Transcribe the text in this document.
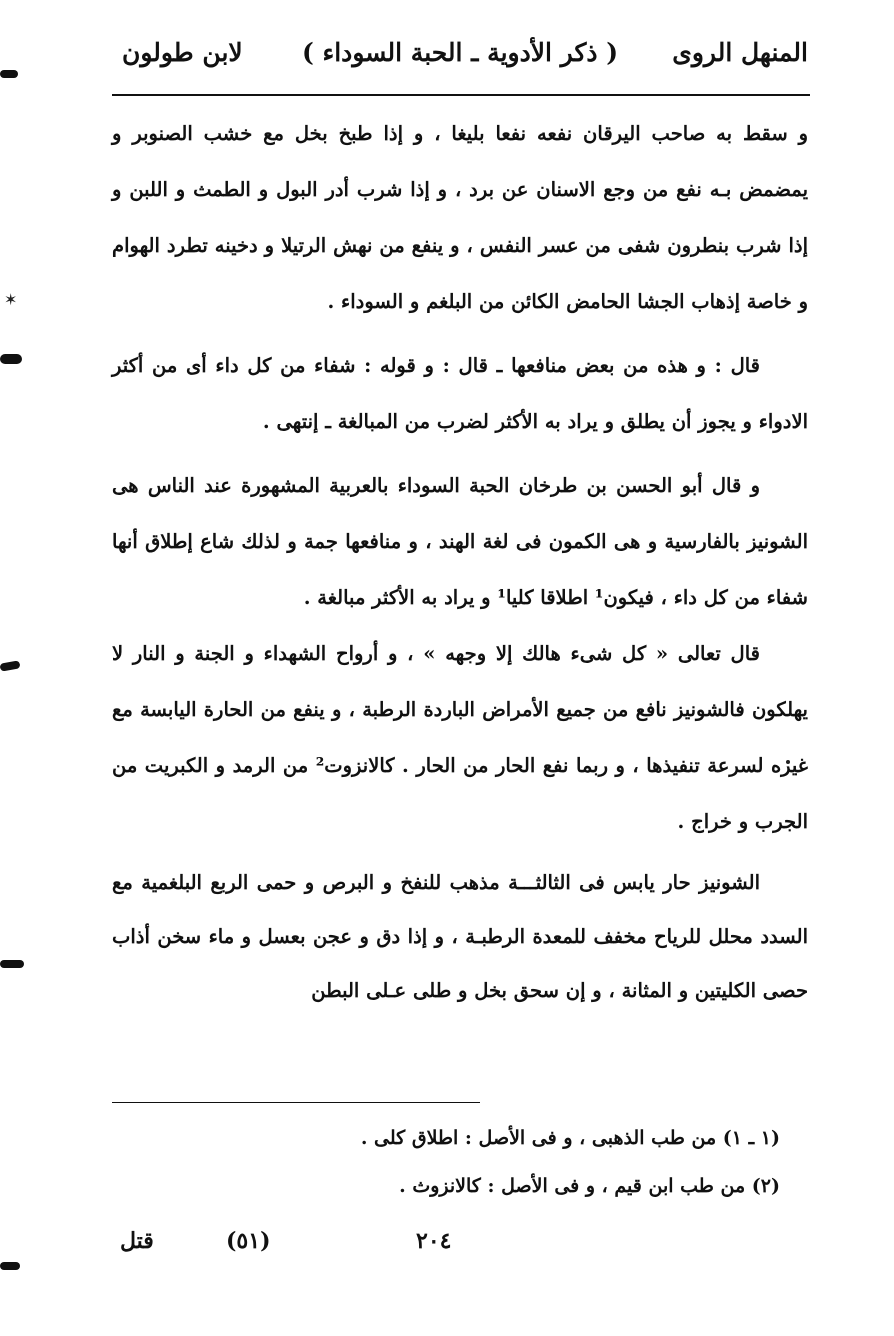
✶
المنهل الروى
( ذكر الأدوية ـ الحبة السوداء )
لابن طولون

و سقط به صاحب اليرقان نفعه نفعا بليغا ، و إذا طبخ بخل مع خشب الصنوبر و يمضمض بـه نفع من وجع الاسنان عن برد ، و إذا شرب أدر البول و الطمث و اللبن و إذا شرب بنطرون شفى من عسر النفس ، و ينفع من نهش الرتيلا و دخينه تطرد الهوام و خاصة إذهاب الجشا الحامض الكائن من البلغم و السوداء .

قال : و هذه من بعض منافعها ـ قال : و قوله : شفاء من كل داء أى من أكثر الادواء و يجوز أن يطلق و يراد به الأكثر لضرب من المبالغة ـ إنتهى .

و قال أبو الحسن بن طرخان الحبة السوداء بالعربية المشهورة عند الناس هى الشونيز بالفارسية و هى الكمون فى لغة الهند ، و منافعها جمة و لذلك شاع إطلاق أنها شفاء من كل داء ، فيكون¹ اطلاقا كليا¹ و يراد به الأكثر مبالغة .

قال تعالى « كل شىء هالك إلا وجهه » ، و أرواح الشهداء و الجنة و النار لا يهلكون فالشونيز نافع من جميع الأمراض الباردة الرطبة ، و ينفع من الحارة اليابسة مع غيره لسرعة تنفيذها ، و ربما نفع الحار من الحار . كالانزوت² من الرمد و الكبريت من الجرب و خراج .

الشونيز حار يابس فى الثالثـــة مذهب للنفخ و البرص و حمى الربع البلغمية مع السدد محلل للرياح مخفف للمعدة الرطبـة ، و إذا دق و عجن بعسل و ماء سخن أذاب حصى الكليتين و المثانة ، و إن سحق بخل و طلى عـلى البطن

(١ ـ ١) من طب الذهبى ، و فى الأصل : اطلاق كلى .

(٢) من طب ابن قيم ، و فى الأصل : كالانزوث .

٢٠٤
(٥١)
قتل
